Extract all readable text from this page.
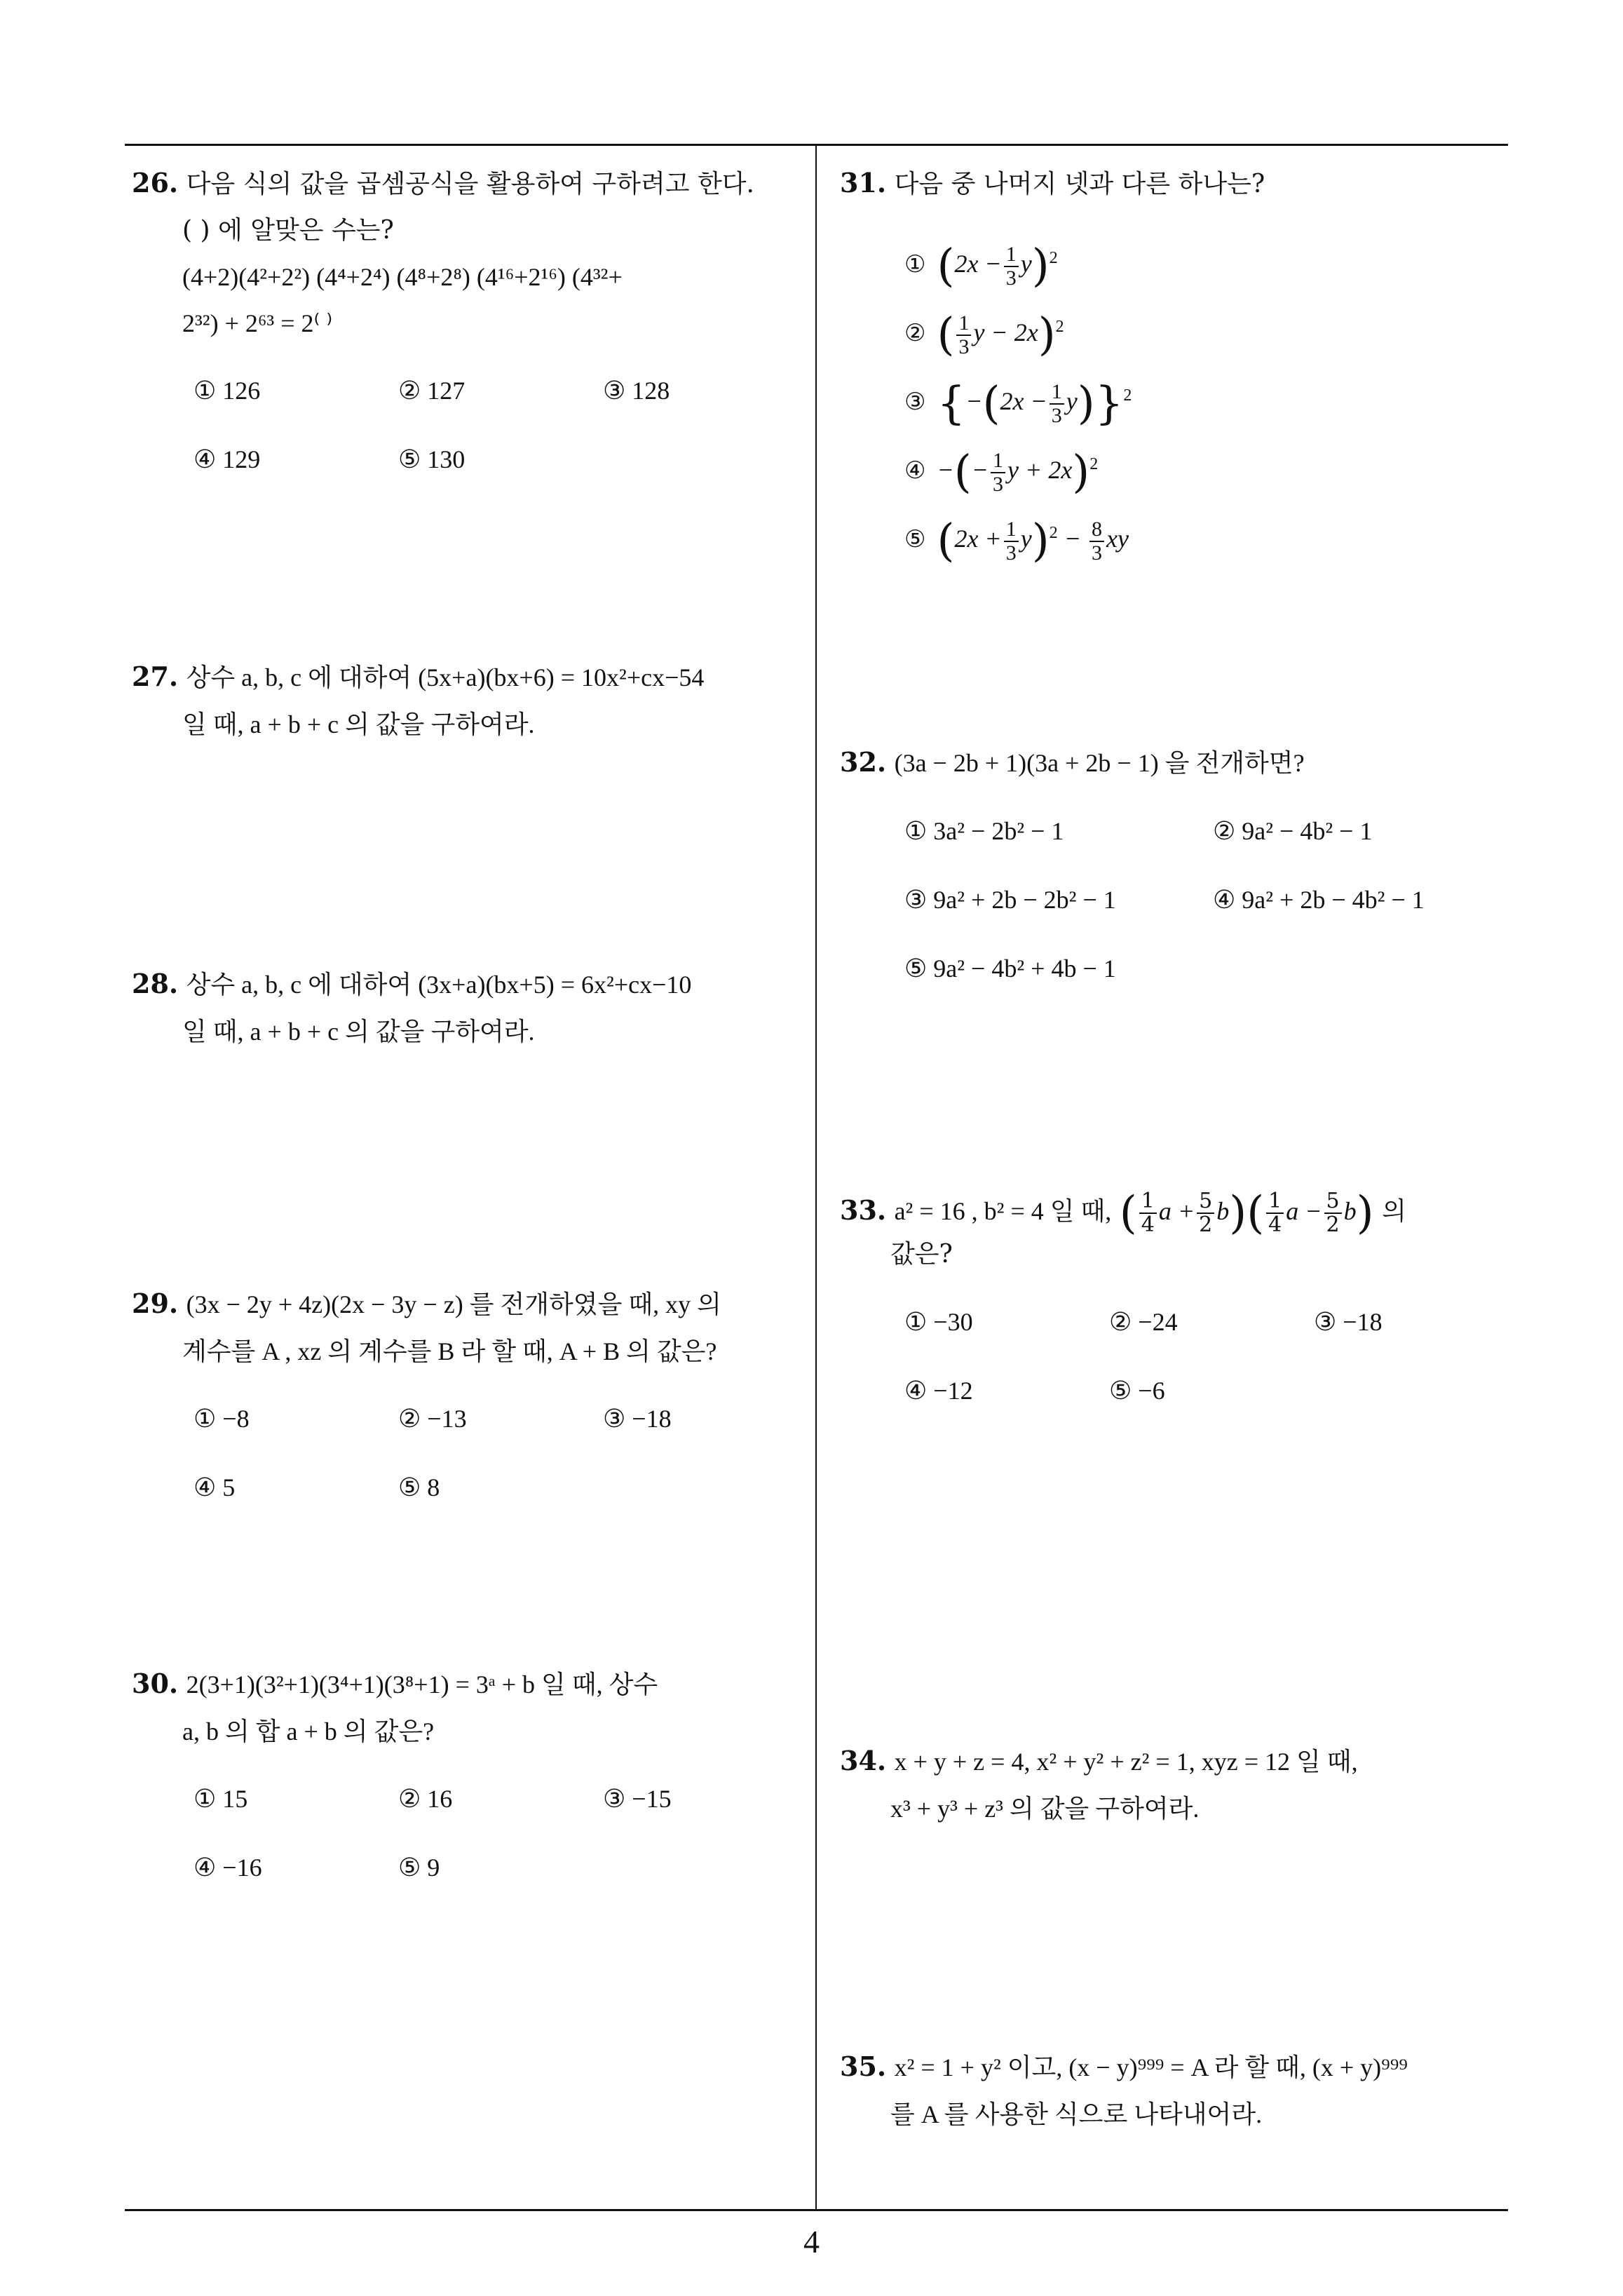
26. 다음 식의 값을 곱셈공식을 활용하여 구하려고 한다.
( ) 에 알맞은 수는?
(4+2)(4²+2²) (4⁴+2⁴) (4⁸+2⁸) (4¹⁶+2¹⁶) (4³²+
2³²) + 2⁶³ = 2⁽ ⁾
① 126	② 127	③ 128
④ 129	⑤ 130
27. 상수 a, b, c 에 대하여 (5x+a)(bx+6) = 10x²+cx−54
일 때, a + b + c 의 값을 구하여라.
28. 상수 a, b, c 에 대하여 (3x+a)(bx+5) = 6x²+cx−10
일 때, a + b + c 의 값을 구하여라.
29. (3x − 2y + 4z)(2x − 3y − z) 를 전개하였을 때, xy 의
계수를 A , xz 의 계수를 B 라 할 때, A + B 의 값은?
① −8	② −13	③ −18
④ 5	⑤ 8
30. 2(3+1)(3²+1)(3⁴+1)(3⁸+1) = 3ᵃ + b 일 때, 상수
a, b 의 합 a + b 의 값은?
① 15	② 16	③ −15
④ −16	⑤ 9
31. 다음 중 나머지 넷과 다른 하나는?
① $(2x - \frac{1}{3} y)^2$
② ( $\frac{1}{3}$ y − 2x)$^2$
③ $\{-(2x - \frac{1}{3} y)\}^2$
④ −(− $\frac{1}{3}$ y + 2x)$^2$
⑤ $(2x + \frac{1}{3} y)^2 - \frac{8}{3}$ xy
32. (3a − 2b + 1)(3a + 2b − 1) 을 전개하면?
① 3a² − 2b² − 1	② 9a² − 4b² − 1
③ 9a² + 2b − 2b² − 1	④ 9a² + 2b − 4b² − 1
⑤ 9a² − 4b² + 4b − 1
33. a² = 16 , b² = 4 일 때, ( $\frac{1}{4}$ $a + \frac{5}{2} b)( \frac{1}{4}$ $a - \frac{5}{2} b$) 의
값은?
① −30	② −24	③ −18
④ −12	⑤ −6
34. x + y + z = 4, x² + y² + z² = 1, xyz = 12 일 때,
x³ + y³ + z³ 의 값을 구하여라.
35. x² = 1 + y² 이고, (x − y)⁹⁹⁹ = A 라 할 때, (x + y)⁹⁹⁹
를 A 를 사용한 식으로 나타내어라.
4
